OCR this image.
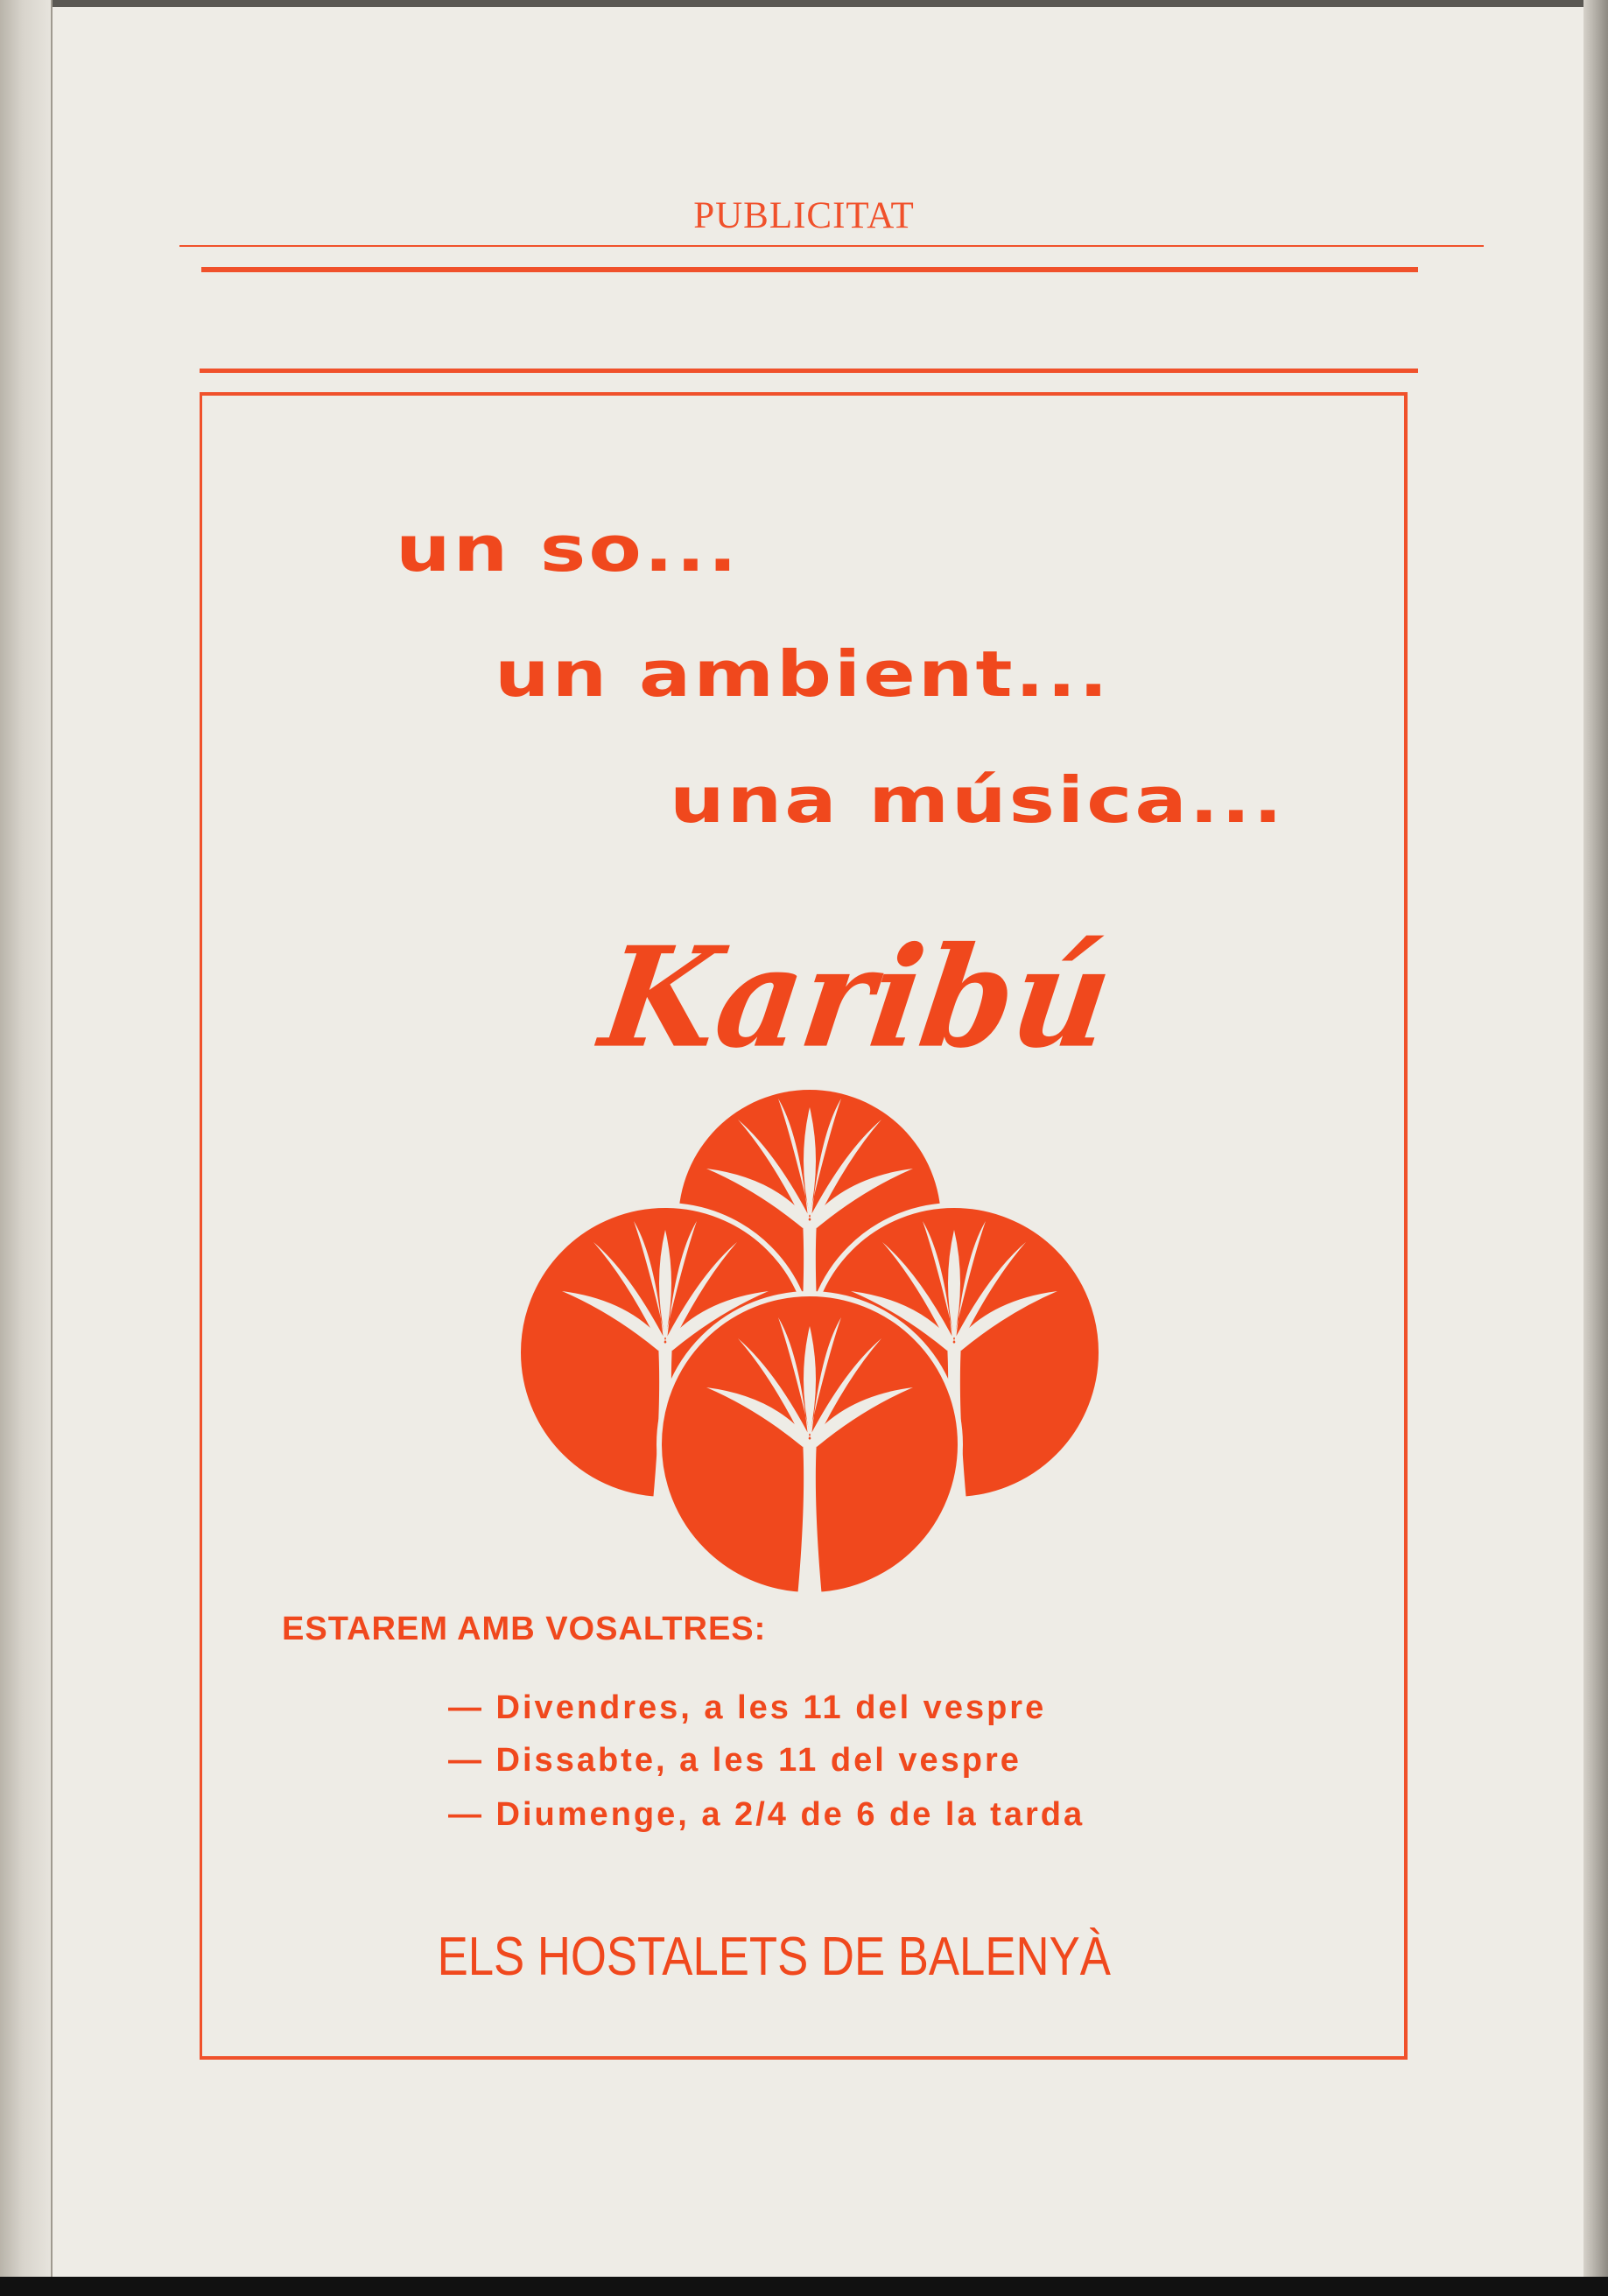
PUBLICITAT
un so...
un ambient...
una música...
Karibú
ESTAREM AMB VOSALTRES:
— Divendres, a les 11 del vespre
— Dissabte, a les 11 del vespre
— Diumenge, a 2/4 de 6 de la tarda
ELS HOSTALETS DE BALENYÀ
